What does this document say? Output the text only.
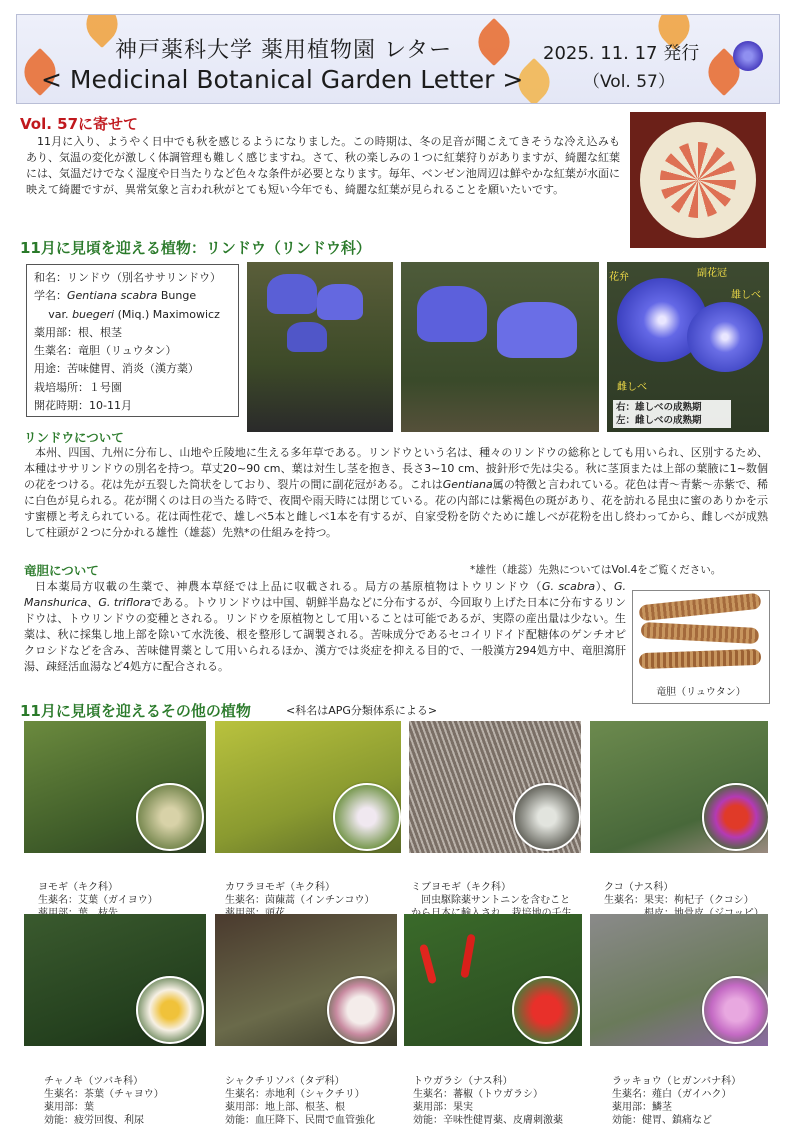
神戸薬科大学 薬用植物園 レター
< Medicinal Botanical Garden Letter >
2025. 11. 17 発行
（Vol. 57）
Vol. 57に寄せて
11月に入り、ようやく日中でも秋を感じるようになりました。この時期は、冬の足音が聞こえてきそうな冷え込みもあり、気温の変化が激しく体調管理も難しく感じますね。さて、秋の楽しみの１つに紅葉狩りがありますが、綺麗な紅葉には、気温だけでなく湿度や日当たりなど色々な条件が必要となります。毎年、ベンゼン池周辺は鮮やかな紅葉が水面に映えて綺麗ですが、異常気象と言われ秋がとても短い今年でも、綺麗な紅葉が見られることを願いたいです。
11月に見頃を迎える植物：リンドウ（リンドウ科）
和名：リンドウ（別名ササリンドウ）
学名：Gentiana scabra Bunge
var. buegeri (Miq.) Maximowicz
薬用部：根、根茎
生薬名：竜胆（リュウタン）
用途：苦味健胃、消炎（漢方薬）
栽培場所：１号園
開花時期：10-11月
花弁	副花冠
雄しべ
雌しべ
右：雄しべの成熟期
左：雌しべの成熟期
リンドウについて
本州、四国、九州に分布し、山地や丘陵地に生える多年草である。リンドウという名は、種々のリンドウの総称としても用いられ、区別するため、本種はササリンドウの別名を持つ。草丈20~90 cm、葉は対生し茎を抱き、長さ3~10 cm、披針形で先は尖る。秋に茎頂または上部の葉腋に1~数個の花をつける。花は先が五裂した筒状をしており、裂片の間に副花冠がある。これはGentiana属の特徴と言われている。花色は青～青紫～赤紫で、稀に白色が見られる。花が開くのは日の当たる時で、夜間や雨天時には閉じている。花の内部には紫褐色の斑があり、花を訪れる昆虫に蜜のありかを示す蜜標と考えられている。花は両性花で、雄しべ5本と雌しべ1本を有するが、自家受粉を防ぐために雄しべが花粉を出し終わってから、雌しべが成熟して柱頭が２つに分かれる雄性（雄蕊）先熟*の仕組みを持つ。
竜胆について	*雄性（雄蕊）先熟についてはVol.4をご覧ください。
日本薬局方収載の生薬で、神農本草経では上品に収載される。局方の基原植物はトウリンドウ（G. scabra）、G. Manshurica、G. trifloraである。トウリンドウは中国、朝鮮半島などに分布するが、今回取り上げた日本に分布するリンドウは、トウリンドウの変種とされる。リンドウを原植物として用いることは可能であるが、実際の産出量は少ない。生薬は、秋に採集し地上部を除いて水洗後、根を整形して調製される。苦味成分であるセコイリドイド配糖体のゲンチオピクロシドなどを含み、苦味健胃薬として用いられるほか、漢方では炎症を抑える目的で、一般漢方294処方中、竜胆瀉肝湯、疎経活血湯など4処方に配合される。
竜胆（リュウタン）
11月に見頃を迎えるその他の植物	<科名はAPG分類体系による>

ヨモギ（キク科）
生薬名：艾葉（ガイヨウ）

カワラヨモギ（キク科）
生薬名：茵蔯蒿（インチンコウ）

ミブヨモギ（キク科）
　回虫駆除薬サントニンを含むこと

クコ（ナス科）
生薬名：果実：枸杞子（クコシ）

チャノキ（ツバキ科）
生薬名：茶葉（チャヨウ）
薬用部：葉
効能：疲労回復、利尿

シャクチリソバ（タデ科）
生薬名：赤地利（シャクチリ）
薬用部：地上部、根茎、根
効能：血圧降下、民間で血管強化

トウガラシ（ナス科）
生薬名：蕃椒（トウガラシ）
薬用部：果実
効能：辛味性健胃薬、皮膚刺激薬

ラッキョウ（ヒガンバナ科）
生薬名：薤白（ガイハク）
薬用部：鱗茎
効能：健胃、鎮痛など
